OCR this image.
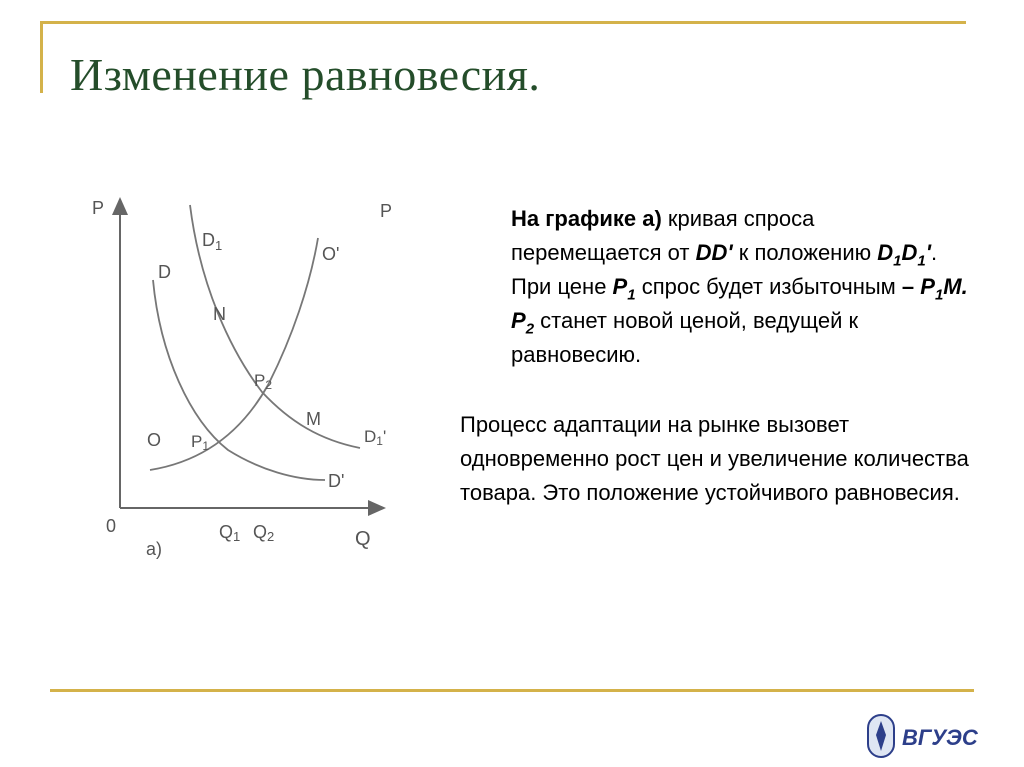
Изменение равновесия.
P	P
Q
0
D
$D_1$	O'
N
P2
M
D1'
O P1
D'
Q1 Q2
а)
На графике а) кривая спроса перемещается от DD' к положению $D_1D_1'$. При цене $P_1$ спрос будет избыточным – $P_1M$. $P_2$ станет новой ценой, ведущей к равновесию.
Процесс адаптации на рынке вызовет одновременно рост цен и увеличение количества товара. Это положение устойчивого равновесия.
ВГУЭС
